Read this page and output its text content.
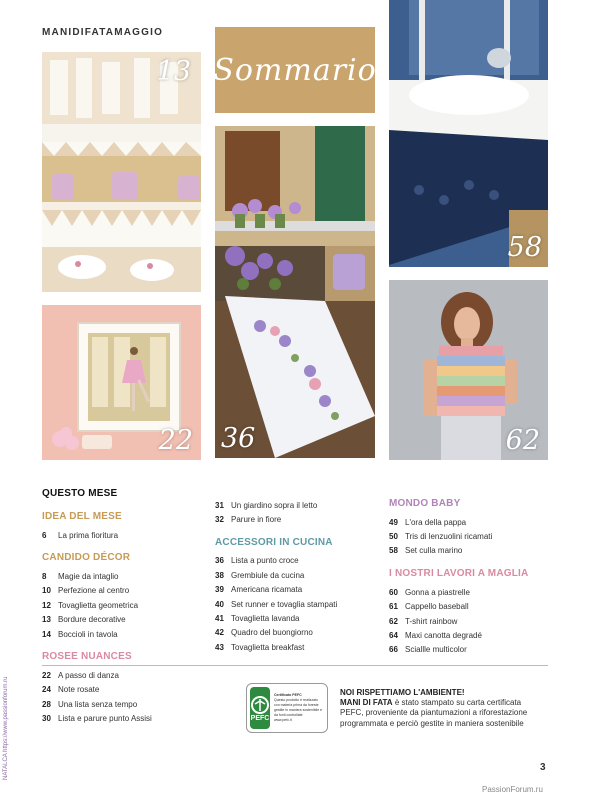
MANIDIFATAMAGGIO
13 Sommario
58
36
22	62
QUESTO MESE
IDEA DEL MESE
6	La prima fioritura
CANDIDO DÉCOR
8	Magie da intaglio
10 Perfezione al centro
12 Tovaglietta geometrica
13 Bordure decorative
14 Boccioli in tavola
ROSEE NUANCES
22 A passo di danza
24 Note rosate
28 Una lista senza tempo
30 Lista e parure punto Assisi
31 Un giardino sopra il letto
32 Parure in fiore
ACCESSORI IN CUCINA
36 Lista a punto croce
38 Grembiule da cucina
39 Americana ricamata
40 Set runner e tovaglia stampati
41 Tovaglietta lavanda
42 Quadro del buongiorno
43 Tovaglietta breakfast
MONDO BABY
49 L'ora della pappa
50 Tris di lenzuolini ricamati
58 Set culla marino
I NOSTRI LAVORI A MAGLIA
60 Gonna a piastrelle
61 Cappello baseball
62 T-shirt rainbow
64 Maxi canotta degradé
66 Sciallle multicolor
PEFC
Certificato PEFC
Questo prodotto è realizzato con materia prima da foreste gestite in maniera sostenibile e da fonti controllate
www.pefc.it
NOI RISPETTIAMO L'AMBIENTE!
MANI DI FATA è stato stampato su carta certificata PEFC, proveniente da piantumazioni a riforestazione programmata e perciò gestite in maniera sostenibile
NATALCA https://www.passionforum.ru	3
PassionForum.ru
